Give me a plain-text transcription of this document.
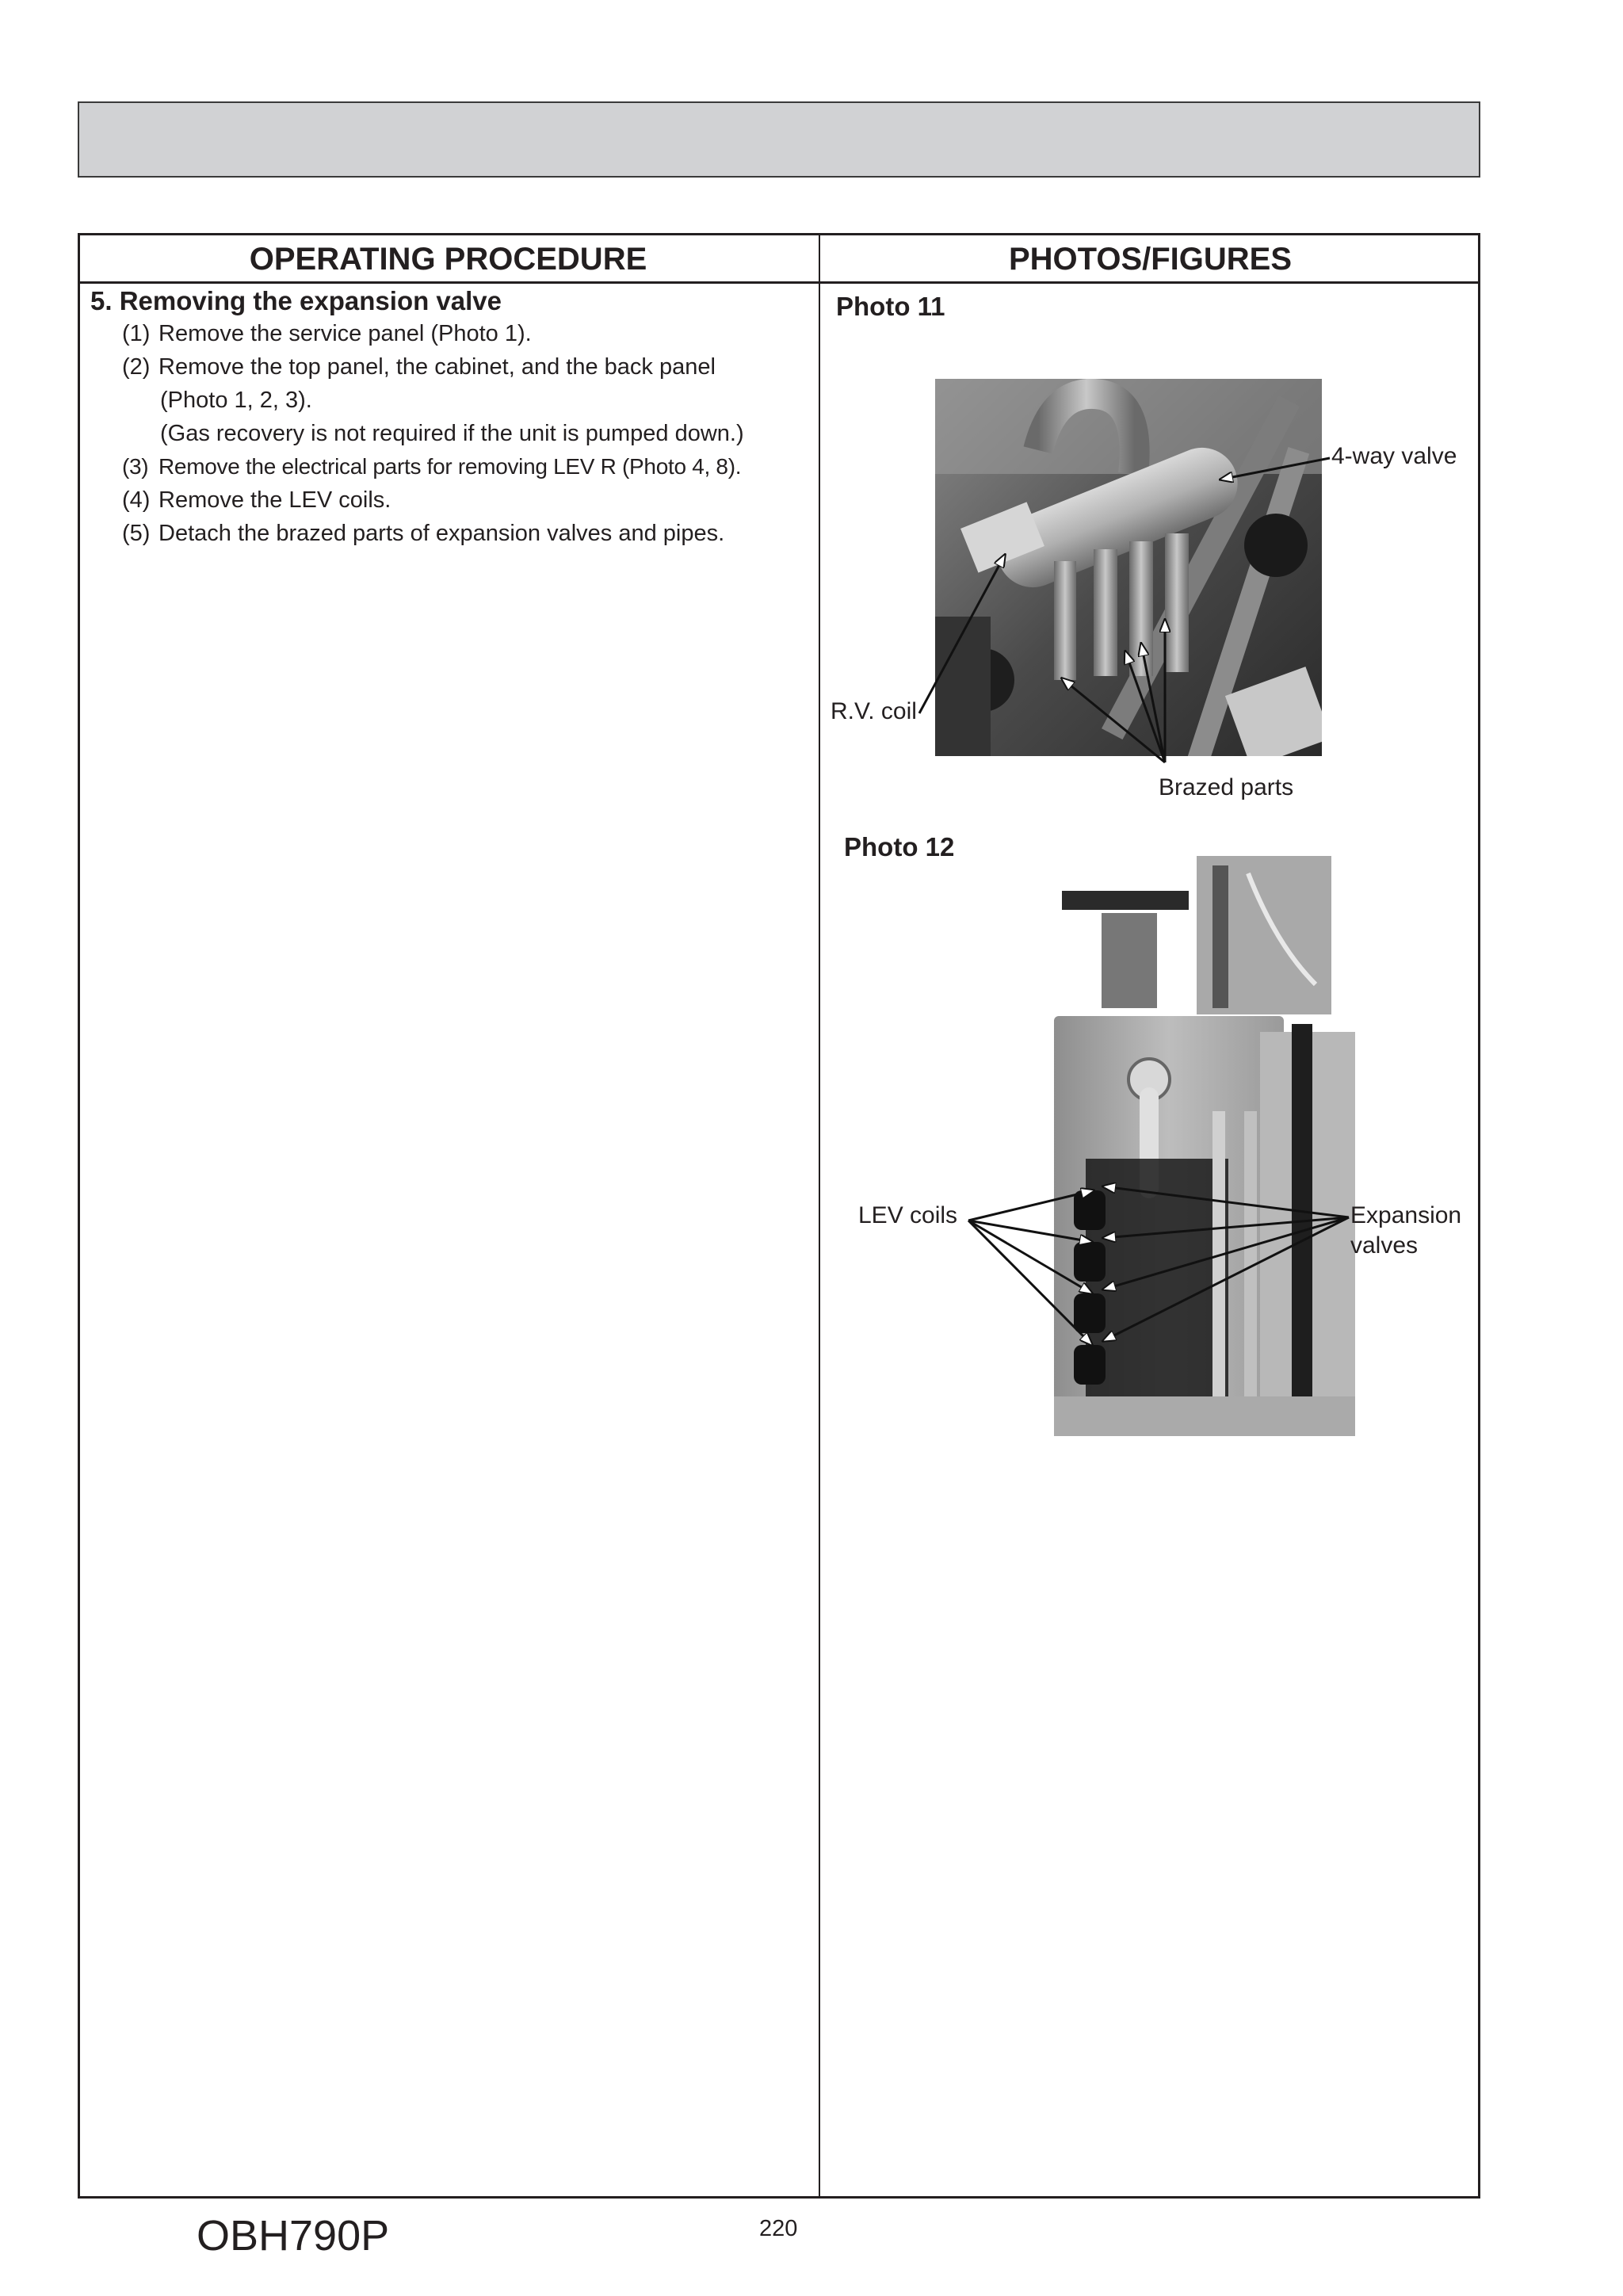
OPERATING PROCEDURE	PHOTOS/FIGURES
5. Removing the expansion valve
(1) Remove the service panel (Photo 1).
(2) Remove the top panel, the cabinet, and the back panel
(Photo 1, 2, 3).
(Gas recovery is not required if the unit is pumped down.)
(3) Remove the electrical parts for removing LEV R (Photo 4, 8).
(4) Remove the LEV coils.
(5) Detach the brazed parts of expansion valves and pipes.
Photo 11
4-way valve
R.V. coil
Brazed parts
Photo 12
LEV coils	Expansion
valves
OBH790P	220
